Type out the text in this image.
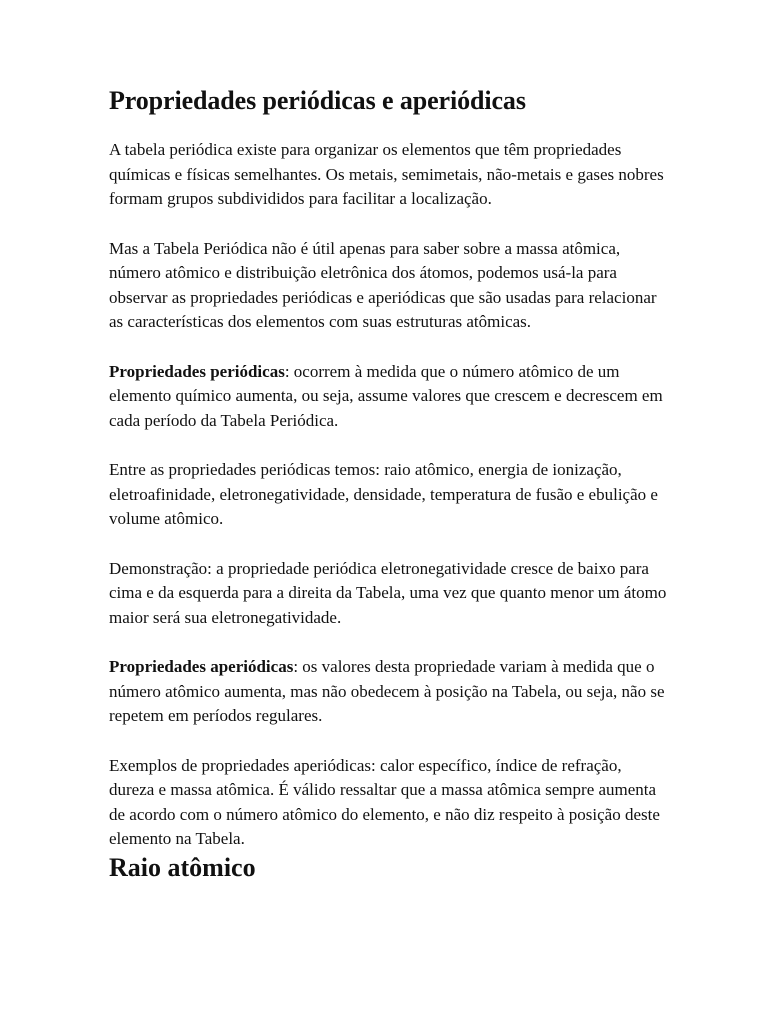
Propriedades periódicas e aperiódicas

A tabela periódica existe para organizar os elementos que têm propriedades químicas e físicas semelhantes. Os metais, semimetais, não-metais e gases nobres formam grupos subdivididos para facilitar a localização.

Mas a Tabela Periódica não é útil apenas para saber sobre a massa atômica, número atômico e distribuição eletrônica dos átomos, podemos usá-la para observar as propriedades periódicas e aperiódicas que são usadas para relacionar as características dos elementos com suas estruturas atômicas.

Propriedades periódicas: ocorrem à medida que o número atômico de um elemento químico aumenta, ou seja, assume valores que crescem e decrescem em cada período da Tabela Periódica.

Entre as propriedades periódicas temos: raio atômico, energia de ionização, eletroafinidade, eletronegatividade, densidade, temperatura de fusão e ebulição e volume atômico.

Demonstração: a propriedade periódica eletronegatividade cresce de baixo para cima e da esquerda para a direita da Tabela, uma vez que quanto menor um átomo maior será sua eletronegatividade.

Propriedades aperiódicas: os valores desta propriedade variam à medida que o número atômico aumenta, mas não obedecem à posição na Tabela, ou seja, não se repetem em períodos regulares.

Exemplos de propriedades aperiódicas: calor específico, índice de refração, dureza e massa atômica. É válido ressaltar que a massa atômica sempre aumenta de acordo com o número atômico do elemento, e não diz respeito à posição deste elemento na Tabela.

Raio atômico
